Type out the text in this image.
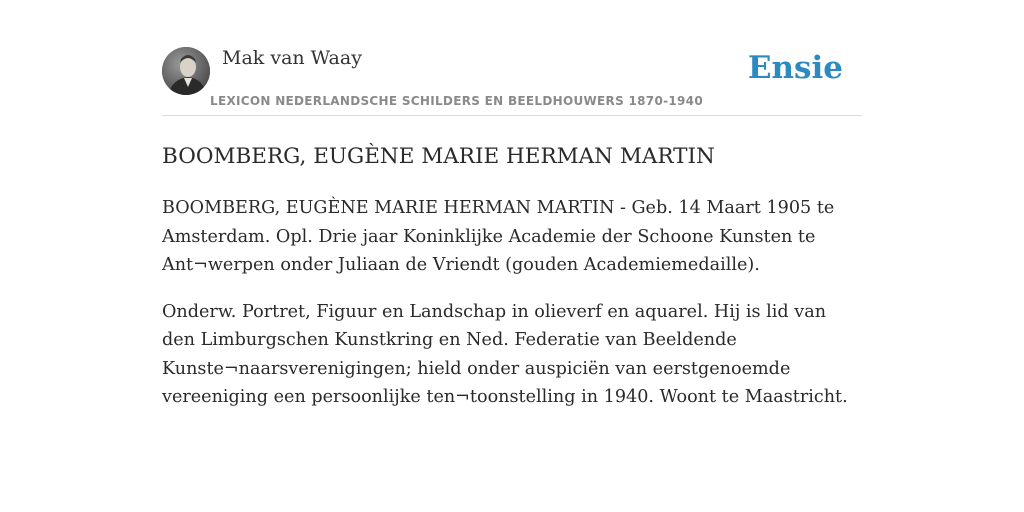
Mak van Waay
LEXICON NEDERLANDSCHE SCHILDERS EN BEELDHOUWERS 1870-1940
Ensie
BOOMBERG, EUGÈNE MARIE HERMAN MARTIN

BOOMBERG, EUGÈNE MARIE HERMAN MARTIN - Geb. 14 Maart 1905 te Amsterdam. Opl. Drie jaar Koninklijke Academie der Schoone Kunsten te Ant¬werpen onder Juliaan de Vriendt (gouden Academiemedaille).

Onderw. Portret, Figuur en Landschap in olieverf en aquarel. Hij is lid van den Limburgschen Kunstkring en Ned. Federatie van Beeldende Kunste¬naarsverenigingen; hield onder auspiciën van eerstgenoemde vereeniging een persoonlijke ten¬toonstelling in 1940. Woont te Maastricht.
